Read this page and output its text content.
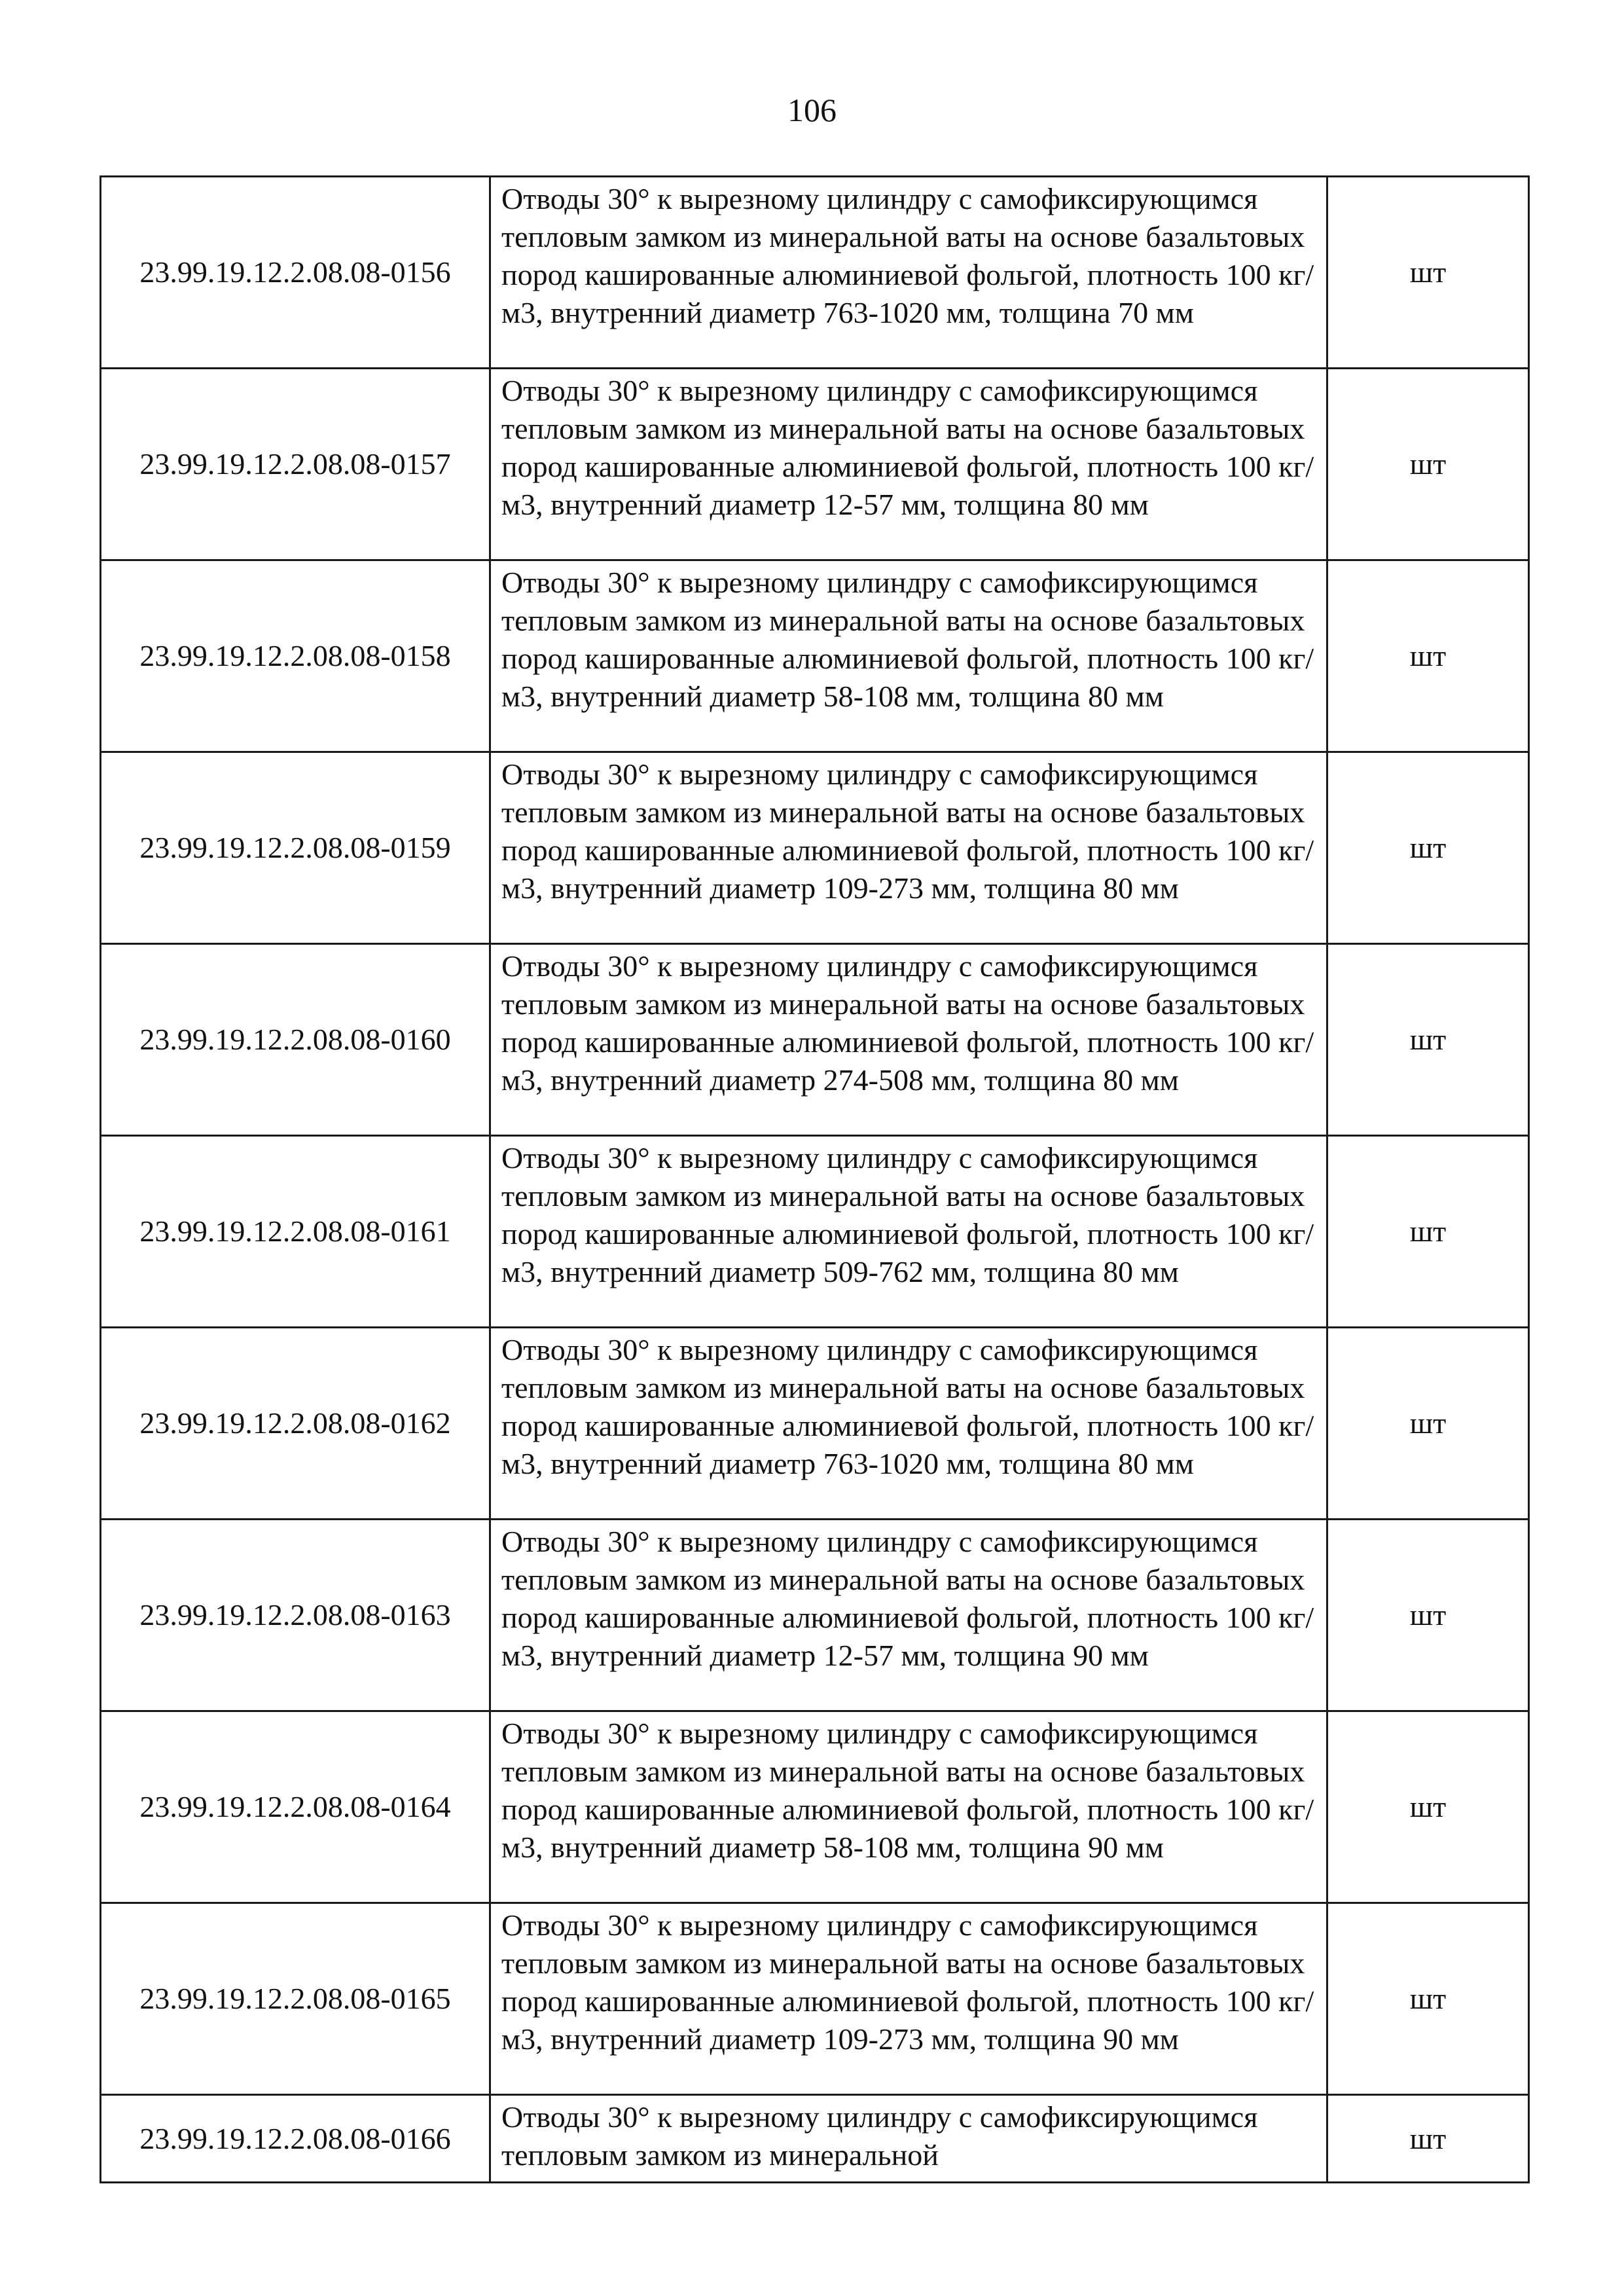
106
23.99.19.12.2.08.08-0156	Отводы 30° к вырезному цилиндру с самофиксирующимся тепловым замком из минеральной ваты на основе базальтовых пород кашированные алюминиевой фольгой, плотность 100 кг/м3, внутренний диаметр 763-1020 мм, толщина 70 мм	шт
23.99.19.12.2.08.08-0157	Отводы 30° к вырезному цилиндру с самофиксирующимся тепловым замком из минеральной ваты на основе базальтовых пород кашированные алюминиевой фольгой, плотность 100 кг/м3, внутренний диаметр 12-57 мм, толщина 80 мм	шт
23.99.19.12.2.08.08-0158	Отводы 30° к вырезному цилиндру с самофиксирующимся тепловым замком из минеральной ваты на основе базальтовых пород кашированные алюминиевой фольгой, плотность 100 кг/м3, внутренний диаметр 58-108 мм, толщина 80 мм	шт
23.99.19.12.2.08.08-0159	Отводы 30° к вырезному цилиндру с самофиксирующимся тепловым замком из минеральной ваты на основе базальтовых пород кашированные алюминиевой фольгой, плотность 100 кг/м3, внутренний диаметр 109-273 мм, толщина 80 мм	шт
23.99.19.12.2.08.08-0160	Отводы 30° к вырезному цилиндру с самофиксирующимся тепловым замком из минеральной ваты на основе базальтовых пород кашированные алюминиевой фольгой, плотность 100 кг/м3, внутренний диаметр 274-508 мм, толщина 80 мм	шт
23.99.19.12.2.08.08-0161	Отводы 30° к вырезному цилиндру с самофиксирующимся тепловым замком из минеральной ваты на основе базальтовых пород кашированные алюминиевой фольгой, плотность 100 кг/м3, внутренний диаметр 509-762 мм, толщина 80 мм	шт
23.99.19.12.2.08.08-0162	Отводы 30° к вырезному цилиндру с самофиксирующимся тепловым замком из минеральной ваты на основе базальтовых пород кашированные алюминиевой фольгой, плотность 100 кг/м3, внутренний диаметр 763-1020 мм, толщина 80 мм	шт
23.99.19.12.2.08.08-0163	Отводы 30° к вырезному цилиндру с самофиксирующимся тепловым замком из минеральной ваты на основе базальтовых пород кашированные алюминиевой фольгой, плотность 100 кг/м3, внутренний диаметр 12-57 мм, толщина 90 мм	шт
23.99.19.12.2.08.08-0164	Отводы 30° к вырезному цилиндру с самофиксирующимся тепловым замком из минеральной ваты на основе базальтовых пород кашированные алюминиевой фольгой, плотность 100 кг/м3, внутренний диаметр 58-108 мм, толщина 90 мм	шт
23.99.19.12.2.08.08-0165	Отводы 30° к вырезному цилиндру с самофиксирующимся тепловым замком из минеральной ваты на основе базальтовых пород кашированные алюминиевой фольгой, плотность 100 кг/м3, внутренний диаметр 109-273 мм, толщина 90 мм	шт
23.99.19.12.2.08.08-0166	Отводы 30° к вырезному цилиндру с самофиксирующимся тепловым замком из минеральной	шт
